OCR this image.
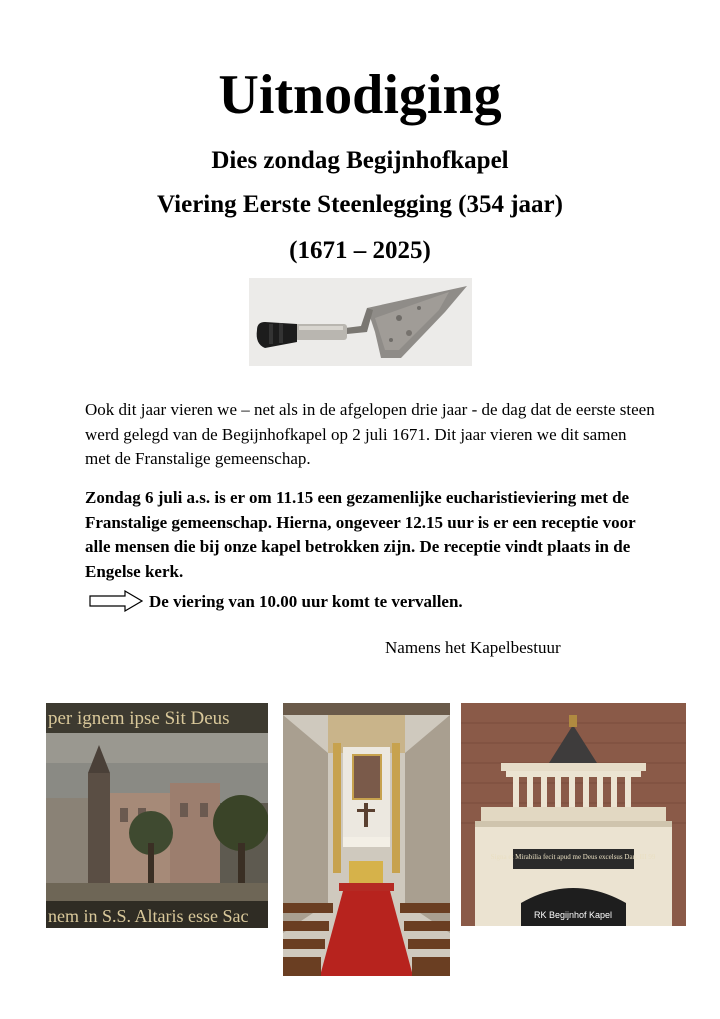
Uitnodiging
Dies zondag Begijnhofkapel
Viering Eerste Steenlegging (354 jaar)
(1671 – 2025)
Ook dit jaar vieren we – net als in de afgelopen drie jaar - de dag dat de eerste steen werd gelegd van de Begijnhofkapel op 2 juli 1671. Dit jaar vieren we dit samen met de Franstalige gemeenschap.
Zondag 6 juli a.s. is er om 11.15 een gezamenlijke eucharistieviering met de Franstalige gemeenschap. Hierna, ongeveer 12.15 uur is er een receptie voor alle mensen die bij onze kapel betrokken zijn. De receptie vindt plaats in de Engelse kerk.
De viering van 10.00 uur komt te vervallen.
Namens het Kapelbestuur
per ignem ipse Sit Deus
nem in S.S. Altaris esse Sac
Signa et Mirabilia fecit apud me Deus excelsus Dan. III 99
RK Begijnhof Kapel
